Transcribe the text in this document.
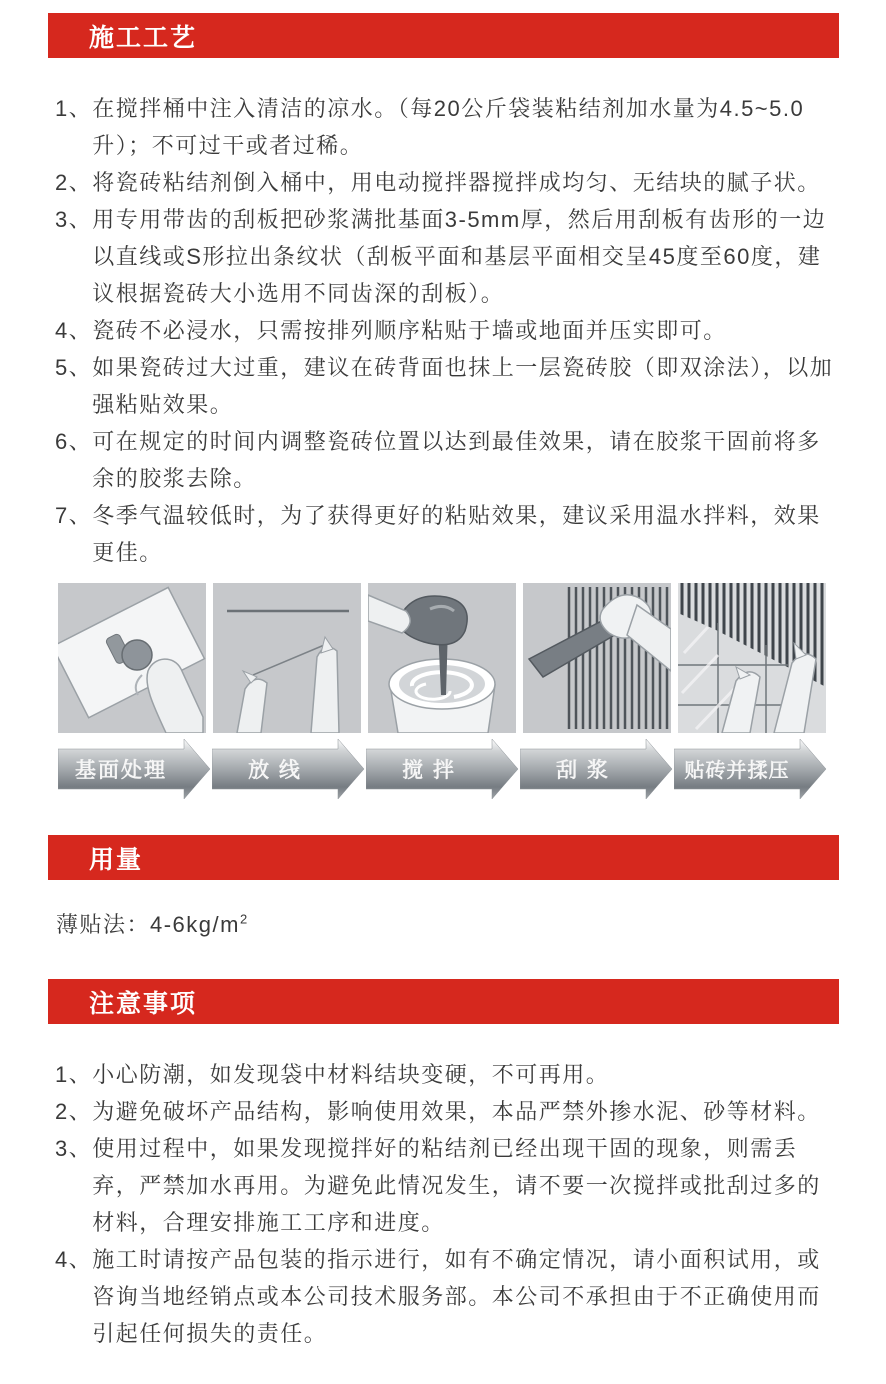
施工工艺
1、 在搅拌桶中注入清洁的凉水。（每20公斤袋装粘结剂加水量为4.5~5.0升）；不可过干或者过稀。
2、 将瓷砖粘结剂倒入桶中，用电动搅拌器搅拌成均匀、无结块的腻子状。
3、 用专用带齿的刮板把砂浆满批基面3-5mm厚，然后用刮板有齿形的一边以直线或S形拉出条纹状（刮板平面和基层平面相交呈45度至60度，建议根据瓷砖大小选用不同齿深的刮板）。
4、 瓷砖不必浸水，只需按排列顺序粘贴于墙或地面并压实即可。
5、 如果瓷砖过大过重，建议在砖背面也抹上一层瓷砖胶（即双涂法），以加强粘贴效果。
6、 可在规定的时间内调整瓷砖位置以达到最佳效果，请在胶浆干固前将多余的胶浆去除。
7、 冬季气温较低时，为了获得更好的粘贴效果，建议采用温水拌料，效果更佳。
基面处理	放 线	搅 拌	刮 浆	贴砖并揉压
用量

薄贴法：$4-6kg/m^2$

注意事项
1、 小心防潮，如发现袋中材料结块变硬，不可再用。
2、 为避免破坏产品结构，影响使用效果，本品严禁外掺水泥、砂等材料。
3、 使用过程中，如果发现搅拌好的粘结剂已经出现干固的现象，则需丢弃，严禁加水再用。为避免此情况发生，请不要一次搅拌或批刮过多的材料，合理安排施工工序和进度。
4、 施工时请按产品包装的指示进行，如有不确定情况，请小面积试用，或咨询当地经销点或本公司技术服务部。本公司不承担由于不正确使用而引起任何损失的责任。
